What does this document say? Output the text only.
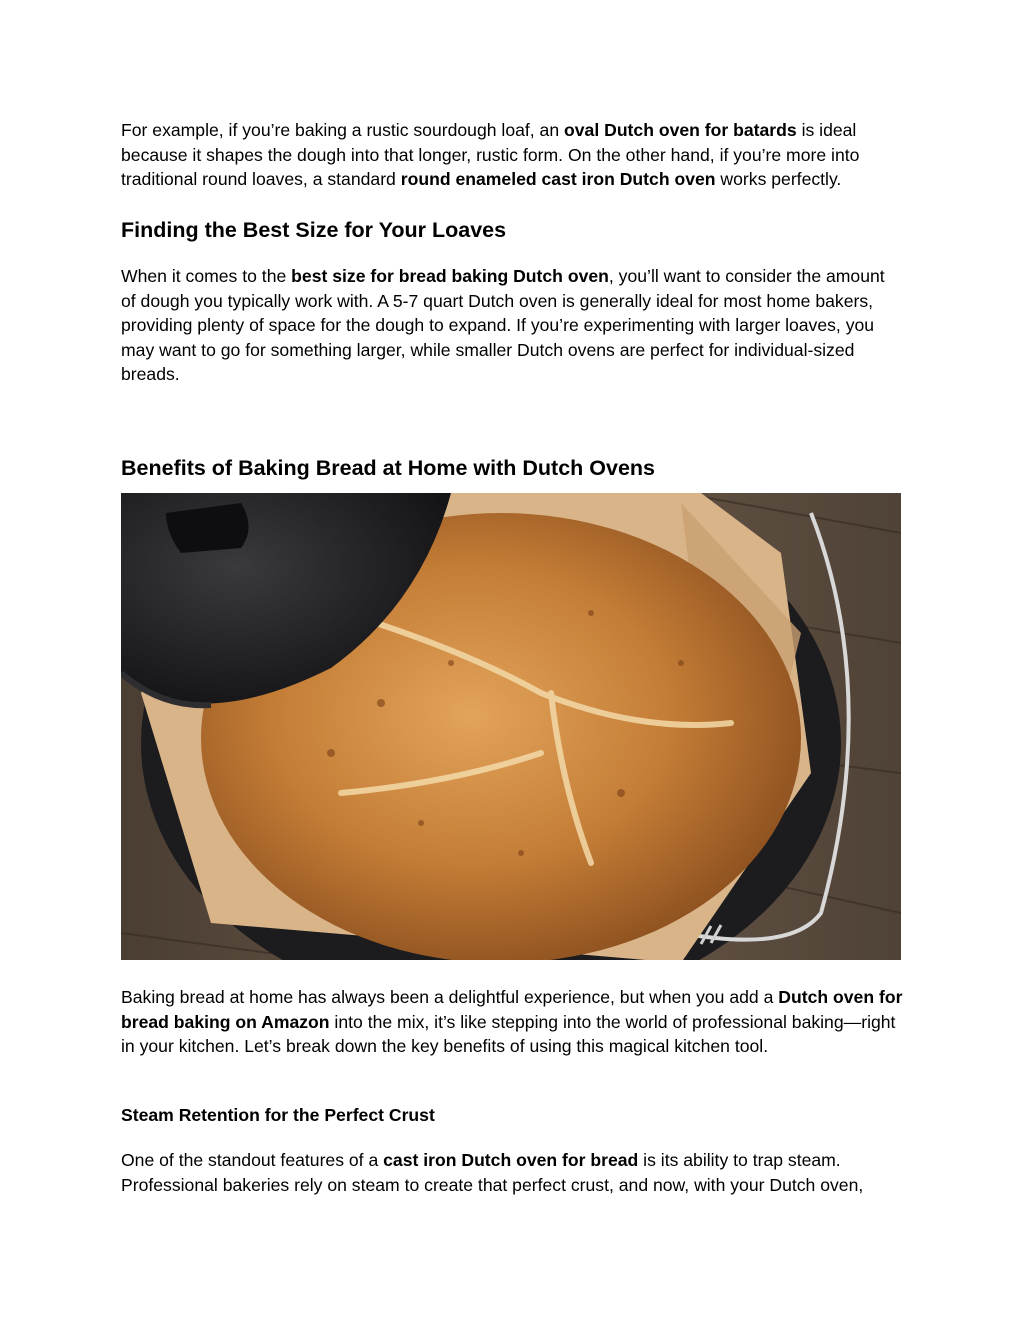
For example, if you’re baking a rustic sourdough loaf, an oval Dutch oven for batards is ideal because it shapes the dough into that longer, rustic form. On the other hand, if you’re more into traditional round loaves, a standard round enameled cast iron Dutch oven works perfectly.

Finding the Best Size for Your Loaves

When it comes to the best size for bread baking Dutch oven, you’ll want to consider the amount of dough you typically work with. A 5-7 quart Dutch oven is generally ideal for most home bakers, providing plenty of space for the dough to expand. If you’re experimenting with larger loaves, you may want to go for something larger, while smaller Dutch ovens are perfect for individual-sized breads.

Benefits of Baking Bread at Home with Dutch Ovens

Baking bread at home has always been a delightful experience, but when you add a Dutch oven for bread baking on Amazon into the mix, it’s like stepping into the world of professional baking—right in your kitchen. Let’s break down the key benefits of using this magical kitchen tool.

Steam Retention for the Perfect Crust

One of the standout features of a cast iron Dutch oven for bread is its ability to trap steam. Professional bakeries rely on steam to create that perfect crust, and now, with your Dutch oven,
